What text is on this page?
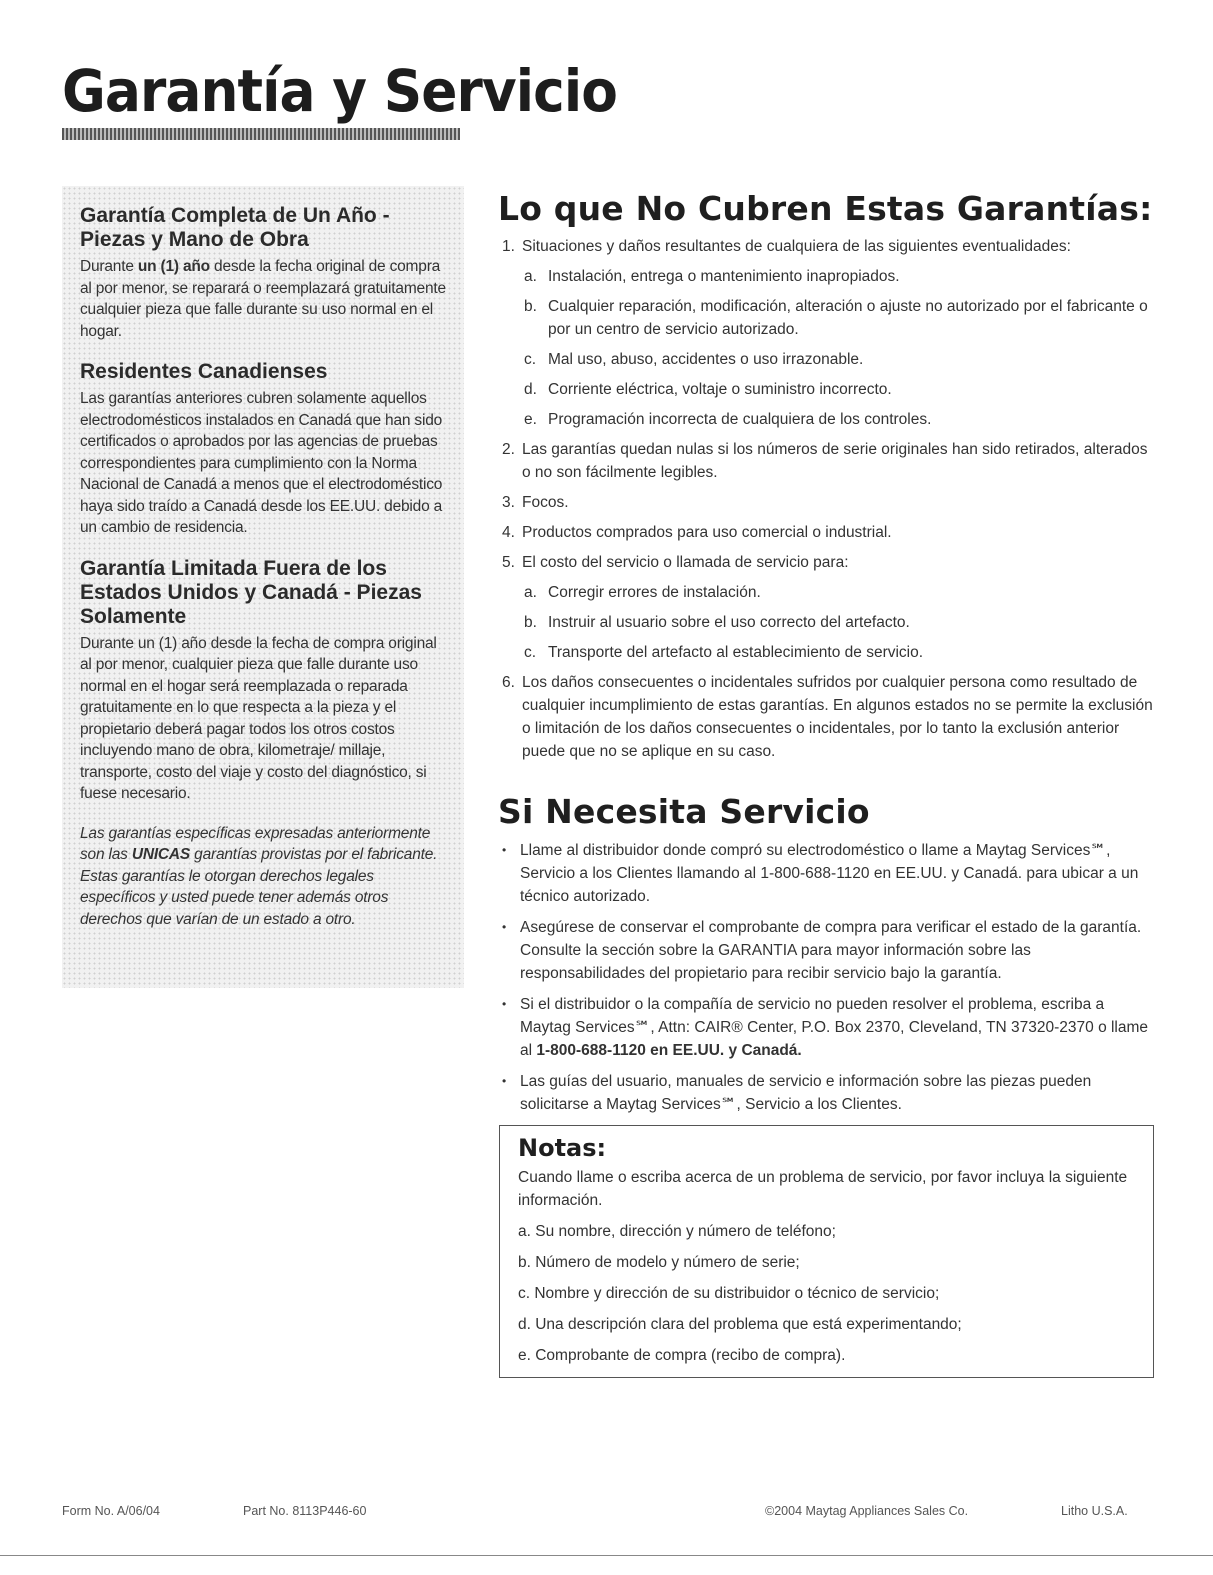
Garantía y Servicio
Garantía Completa de Un Año - Piezas y Mano de Obra

Durante un (1) año desde la fecha original de compra al por menor, se reparará o reemplazará gratuitamente cualquier pieza que falle durante su uso normal en el hogar.

Residentes Canadienses

Las garantías anteriores cubren solamente aquellos electrodomésticos instalados en Canadá que han sido certificados o aprobados por las agencias de pruebas correspondientes para cumplimiento con la Norma Nacional de Canadá a menos que el electrodoméstico haya sido traído a Canadá desde los EE.UU. debido a un cambio de residencia.

Garantía Limitada Fuera de los Estados Unidos y Canadá - Piezas Solamente

Durante un (1) año desde la fecha de compra original al por menor, cualquier pieza que falle durante uso normal en el hogar será reemplazada o reparada gratuitamente en lo que respecta a la pieza y el propietario deberá pagar todos los otros costos incluyendo mano de obra, kilometraje/ millaje, transporte, costo del viaje y costo del diagnóstico, si fuese necesario.

Las garantías específicas expresadas anteriormente son las UNICAS garantías provistas por el fabricante. Estas garantías le otorgan derechos legales específicos y usted puede tener además otros derechos que varían de un estado a otro.

Lo que No Cubren Estas Garantías:
1. Situaciones y daños resultantes de cualquiera de las siguientes eventualidades:
a. Instalación, entrega o mantenimiento inapropiados.
b. Cualquier reparación, modificación, alteración o ajuste no autorizado por el fabricante o por un centro de servicio autorizado.
c. Mal uso, abuso, accidentes o uso irrazonable.
d. Corriente eléctrica, voltaje o suministro incorrecto.
e. Programación incorrecta de cualquiera de los controles.
2. Las garantías quedan nulas si los números de serie originales han sido retirados, alterados o no son fácilmente legibles.
3. Focos.
4. Productos comprados para uso comercial o industrial.
5. El costo del servicio o llamada de servicio para:
a. Corregir errores de instalación.
b. Instruir al usuario sobre el uso correcto del artefacto.
c. Transporte del artefacto al establecimiento de servicio.
6. Los daños consecuentes o incidentales sufridos por cualquier persona como resultado de cualquier incumplimiento de estas garantías. En algunos estados no se permite la exclusión o limitación de los daños consecuentes o incidentales, por lo tanto la exclusión anterior puede que no se aplique en su caso.
Si Necesita Servicio
• Llame al distribuidor donde compró su electrodoméstico o llame a Maytag Services℠, Servicio a los Clientes llamando al 1-800-688-1120 en EE.UU. y Canadá. para ubicar a un técnico autorizado.
• Asegúrese de conservar el comprobante de compra para verificar el estado de la garantía. Consulte la sección sobre la GARANTIA para mayor información sobre las responsabilidades del propietario para recibir servicio bajo la garantía.
• Si el distribuidor o la compañía de servicio no pueden resolver el problema, escriba a Maytag Services℠, Attn: CAIR® Center, P.O. Box 2370, Cleveland, TN 37320-2370 o llame al 1-800-688-1120 en EE.UU. y Canadá.
• Las guías del usuario, manuales de servicio e información sobre las piezas pueden solicitarse a Maytag Services℠, Servicio a los Clientes.
Notas:

Cuando llame o escriba acerca de un problema de servicio, por favor incluya la siguiente información.

a. Su nombre, dirección y número de teléfono;
b. Número de modelo y número de serie;
c. Nombre y dirección de su distribuidor o técnico de servicio;
d. Una descripción clara del problema que está experimentando;
e. Comprobante de compra (recibo de compra).
Form No. A/06/04	Part No. 8113P446-60	©2004 Maytag Appliances Sales Co.	Litho U.S.A.
